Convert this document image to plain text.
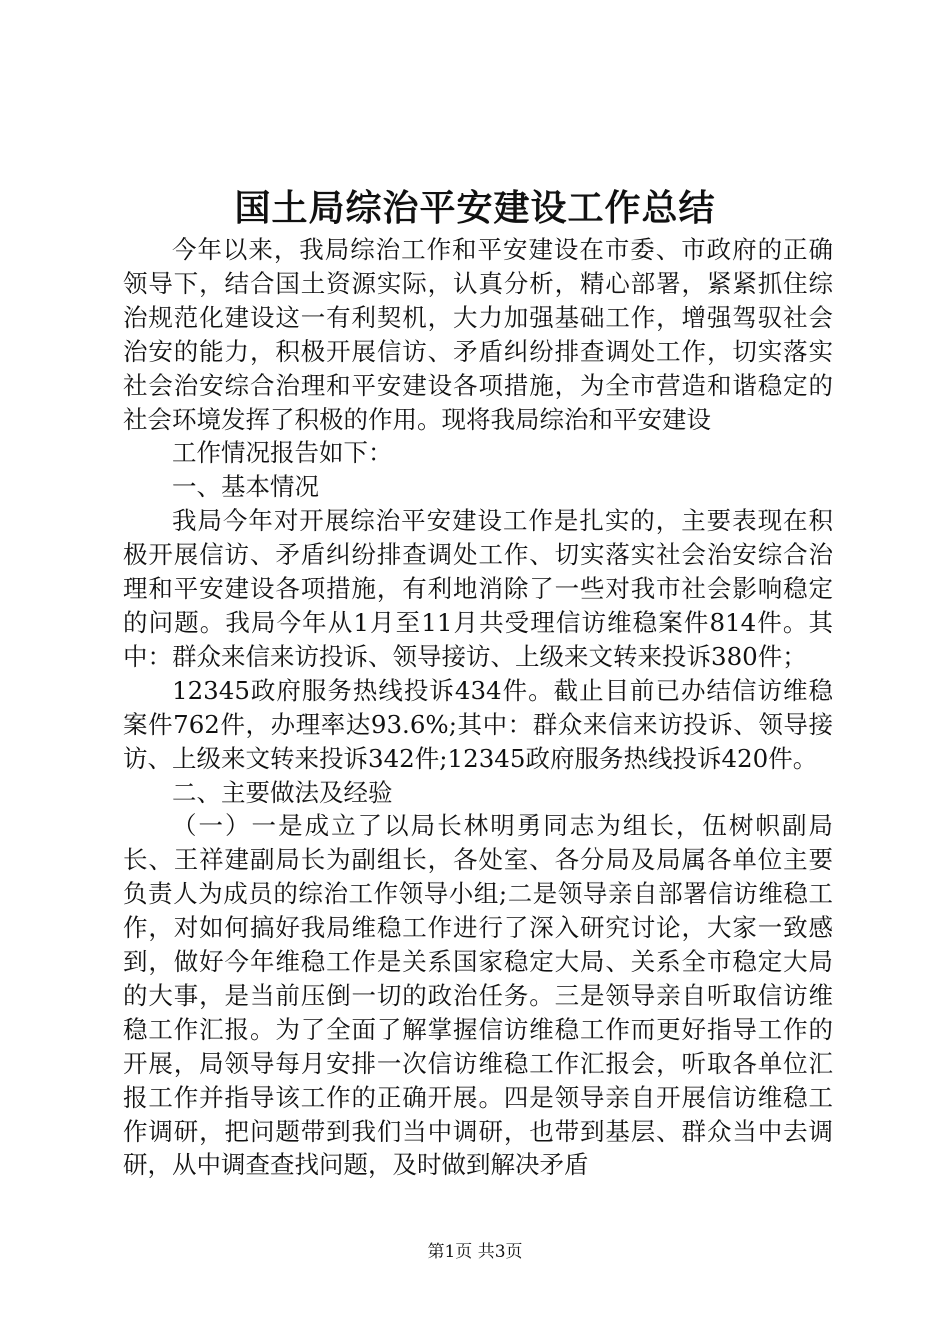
国土局综治平安建设工作总结

今年以来，我局综治工作和平安建设在市委、市政府的正确领导下，结合国土资源实际，认真分析，精心部署，紧紧抓住综治规范化建设这一有利契机，大力加强基础工作，增强驾驭社会治安的能力，积极开展信访、矛盾纠纷排查调处工作，切实落实社会治安综合治理和平安建设各项措施，为全市营造和谐稳定的社会环境发挥了积极的作用。现将我局综治和平安建设

工作情况报告如下：

一、基本情况

我局今年对开展综治平安建设工作是扎实的，主要表现在积极开展信访、矛盾纠纷排查调处工作、切实落实社会治安综合治理和平安建设各项措施，有利地消除了一些对我市社会影响稳定的问题。我局今年从1月至11月共受理信访维稳案件814件。其中：群众来信来访投诉、领导接访、上级来文转来投诉380件；

12345政府服务热线投诉434件。截止目前已办结信访维稳案件762件，办理率达93.6%;其中：群众来信来访投诉、领导接访、上级来文转来投诉342件;12345政府服务热线投诉420件。

二、主要做法及经验

（一）一是成立了以局长林明勇同志为组长，伍树帜副局长、王祥建副局长为副组长，各处室、各分局及局属各单位主要负责人为成员的综治工作领导小组;二是领导亲自部署信访维稳工作，对如何搞好我局维稳工作进行了深入研究讨论，大家一致感到，做好今年维稳工作是关系国家稳定大局、关系全市稳定大局的大事，是当前压倒一切的政治任务。三是领导亲自听取信访维稳工作汇报。为了全面了解掌握信访维稳工作而更好指导工作的开展，局领导每月安排一次信访维稳工作汇报会，听取各单位汇报工作并指导该工作的正确开展。四是领导亲自开展信访维稳工作调研，把问题带到我们当中调研，也带到基层、群众当中去调研，从中调查查找问题，及时做到解决矛盾

第1页 共3页
